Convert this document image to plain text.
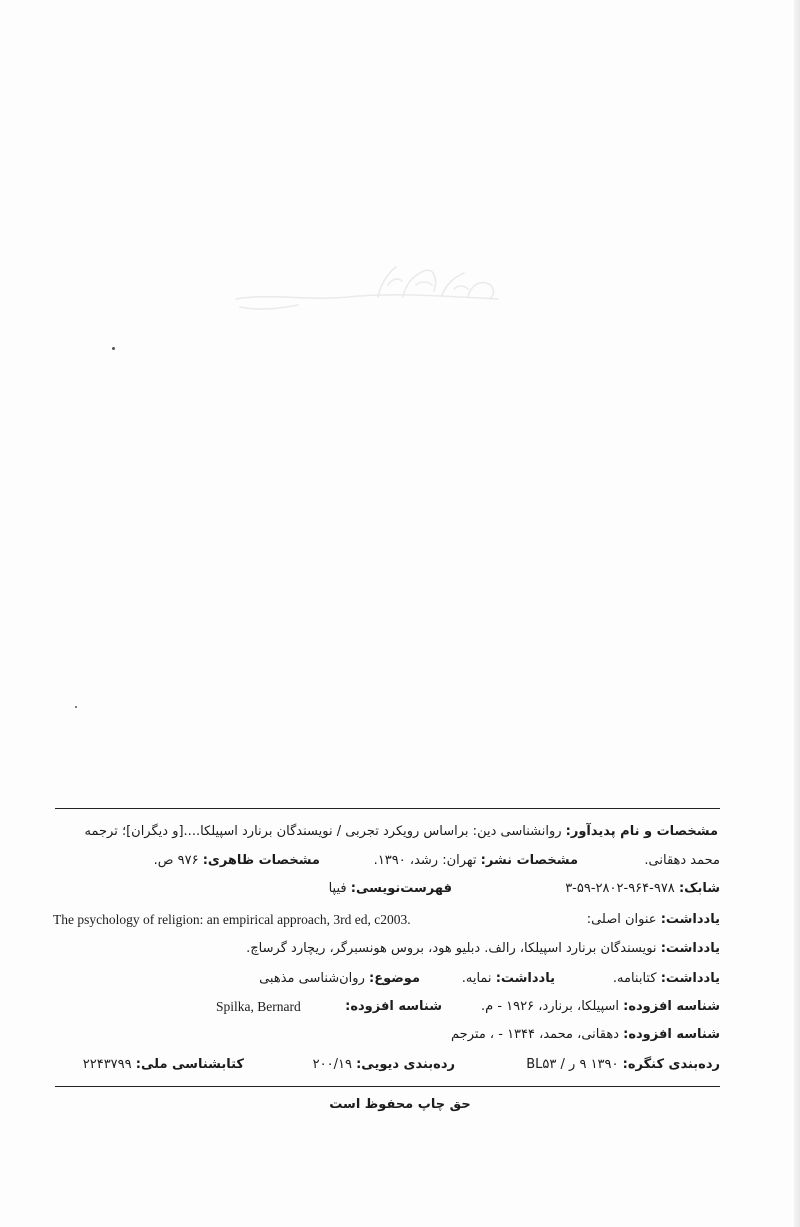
مشخصات و نام پدیدآور: روانشناسی دین: براساس رویکرد تجربی / نویسندگان برنارد اسپیلکا....[و دیگران]؛ ترجمه
محمد دهقانی.
مشخصات نشر: تهران: رشد، ۱۳۹۰.
مشخصات ظاهری: ۹۷۶ ص.
شابک: ۹۷۸-۹۶۴-۲۸۰۲-۵۹-۳
فهرست‌نویسی: فیپا
یادداشت: عنوان اصلی:
The psychology of religion: an empirical approach, 3rd ed, c2003.
یادداشت: نویسندگان برنارد اسپیلکا، رالف. دبلیو هود، بروس هونسبرگر، ریچارد گرساچ.
یادداشت: کتابنامه.
یادداشت: نمایه.
موضوع: روان‌شناسی مذهبی
شناسه افزوده: اسپیلکا، برنارد، ۱۹۲۶ - م.
شناسه افزوده:
Spilka, Bernard
شناسه افزوده: دهقانی، محمد، ۱۳۴۴ - ، مترجم
رده‌بندی کنگره: ۱۳۹۰ ۹ ر / BL۵۳
رده‌بندی دیویی: ۲۰۰/۱۹
کتابشناسی ملی: ۲۲۴۳۷۹۹
حق چاپ محفوظ است
